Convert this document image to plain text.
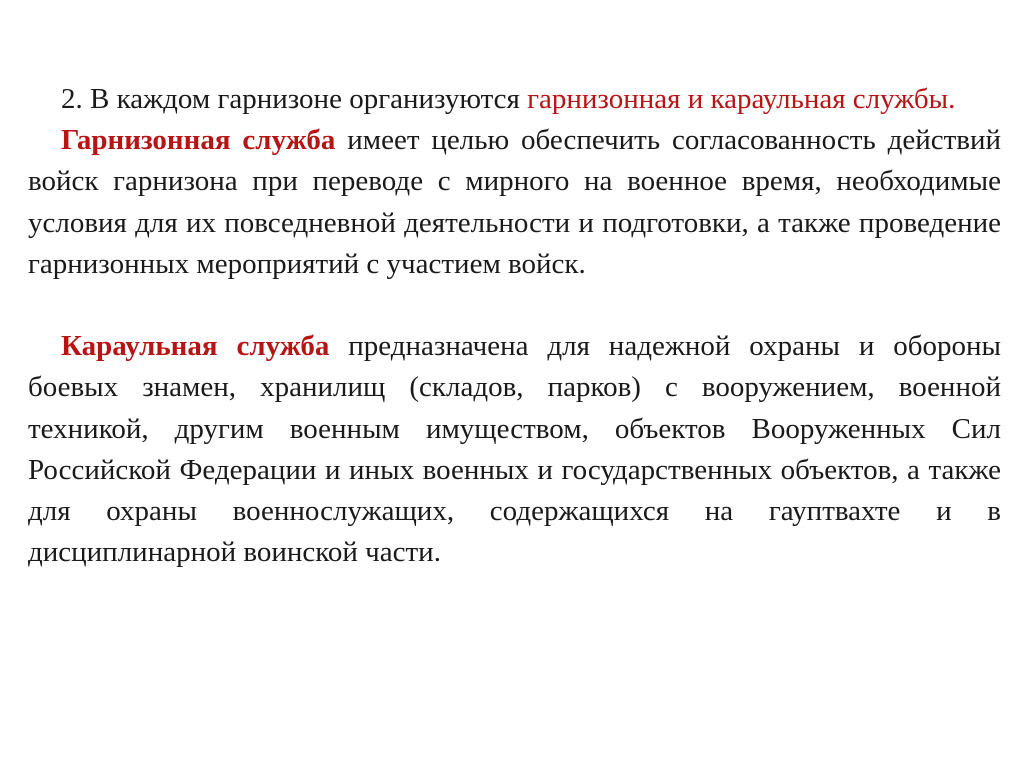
2. В каждом гарнизоне организуются гарнизонная и караульная службы.

Гарнизонная служба имеет целью обеспечить согласованность действий войск гарнизона при переводе с мирного на военное время, необходимые условия для их повседневной деятельности и подготовки, а также проведение гарнизонных мероприятий с участием войск.

Караульная служба предназначена для надежной охраны и обороны боевых знамен, хранилищ (складов, парков) с вооружением, военной техникой, другим военным имуществом, объектов Вооруженных Сил Российской Федерации и иных военных и государственных объектов, а также для охраны военнослужащих, содержащихся на гауптвахте и в дисциплинарной воинской части.
